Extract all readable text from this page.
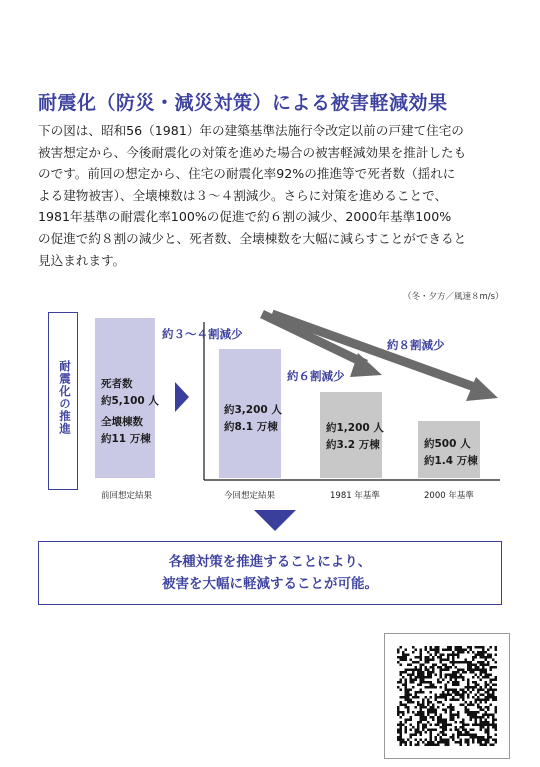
耐震化（防災・減災対策）による被害軽減効果
下の図は、昭和56（1981）年の建築基準法施行令改定以前の戸建て住宅の
被害想定から、今後耐震化の対策を進めた場合の被害軽減効果を推計したも
のです。前回の想定から、住宅の耐震化率92%の推進等で死者数（揺れに
よる建物被害）、全壊棟数は３～４割減少。さらに対策を進めることで、
1981年基準の耐震化率100%の促進で約６割の減少、2000年基準100%
の促進で約８割の減少と、死者数、全壊棟数を大幅に減らすことができると
見込まれます。
（冬・夕方／風速８m/s）
耐震化の推進
約３～４割減少
約６割減少
約８割減少
死者数
約5,100 人
全壊棟数
約11 万棟
約3,200 人
約8.1 万棟	約1,200 人
約3.2 万棟	約500 人
約1.4 万棟
前回想定結果	今回想定結果	1981 年基準	2000 年基準
各種対策を推進することにより、
被害を大幅に軽減することが可能。
